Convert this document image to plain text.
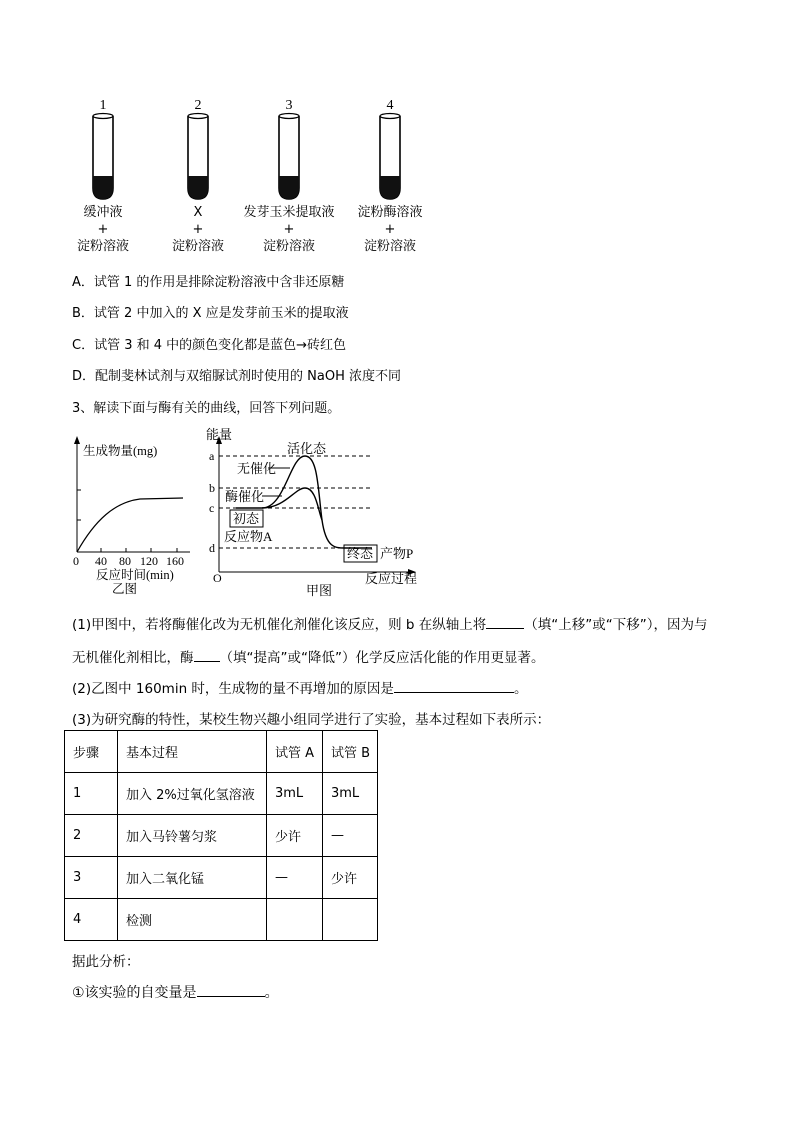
1	2	3	4
缓冲液
+
淀粉溶液
X
+
淀粉溶液
发芽玉米提取液
+
淀粉溶液
淀粉酶溶液
+
淀粉溶液
A．试管 1 的作用是排除淀粉溶液中含非还原糖
B．试管 2 中加入的 X 应是发芽前玉米的提取液
C．试管 3 和 4 中的颜色变化都是蓝色→砖红色
D．配制斐林试剂与双缩脲试剂时使用的 NaOH 浓度不同
3、解读下面与酶有关的曲线，回答下列问题。
生成物量(mg)
0 40 80 120 160
反应时间(min)
乙图
能量
a
b
c
d
活化态
无催化
酶催化
初态
反应物A
终态 产物P
O	反应过程
甲图
(1)甲图中，若将酶催化改为无机催化剂催化该反应，则 b 在纵轴上将	（填“上移”或“下移”），因为与
无机催化剂相比，酶 （填“提高”或“降低”）化学反应活化能的作用更显著。
(2)乙图中 160min 时，生成物的量不再增加的原因是	。
(3)为研究酶的特性，某校生物兴趣小组同学进行了实验，基本过程如下表所示：
步骤	基本过程	试管 A	试管 B
1	加入 2%过氧化氢溶液	3mL	3mL
2	加入马铃薯匀浆	少许	—
3	加入二氧化锰	—	少许
4	检测		
据此分析：
①该实验的自变量是	。
